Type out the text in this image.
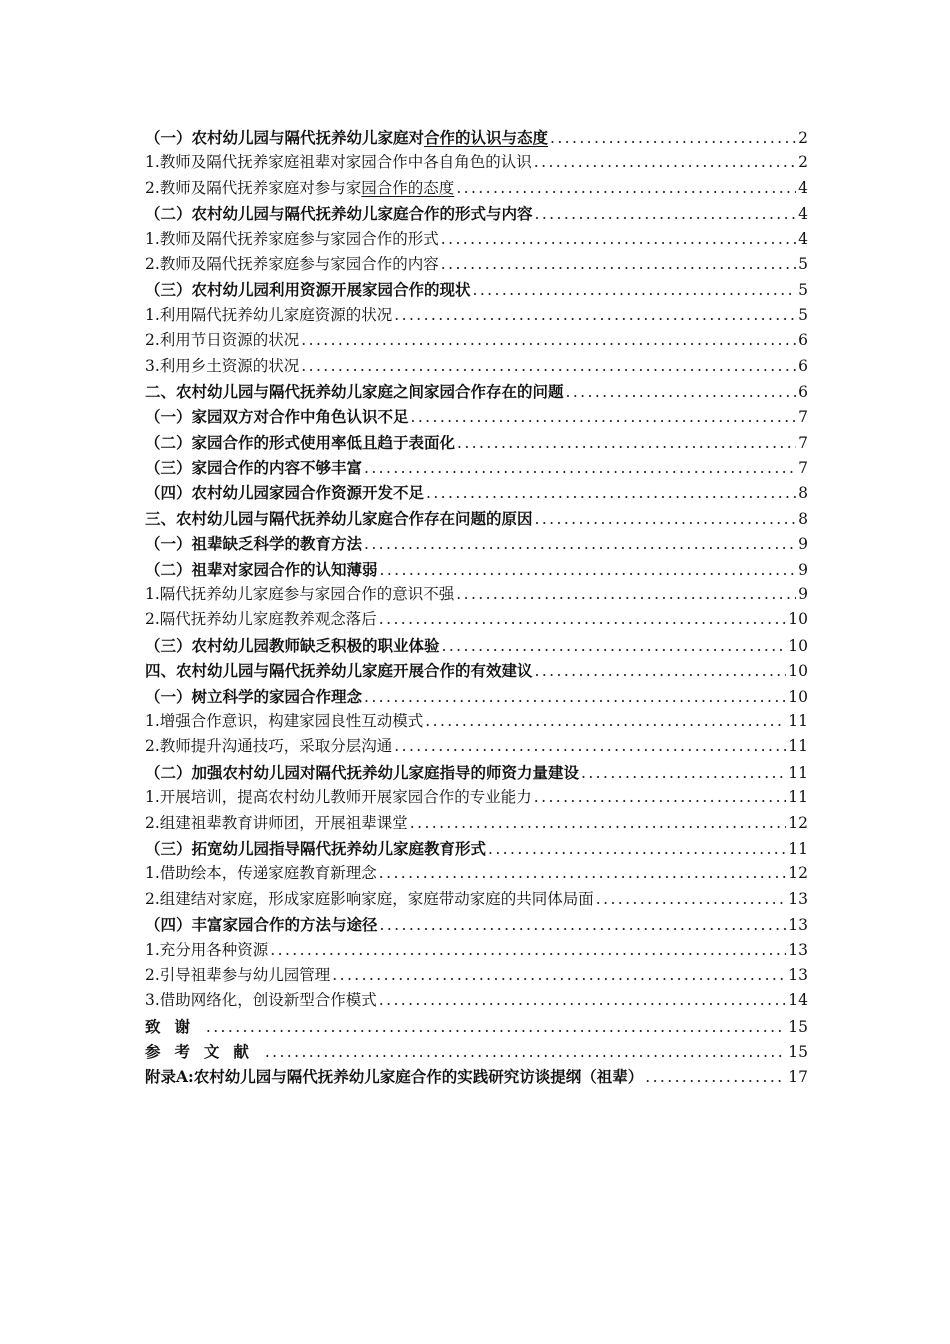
（一）农村幼儿园与隔代抚养幼儿家庭对合作的认识与态度 .....	2
1.教师及隔代抚养家庭祖辈对家园合作中各自角色的认识 .....	2
2.教师及隔代抚养家庭对参与家园合作的态度 .....	4
（二）农村幼儿园与隔代抚养幼儿家庭合作的形式与内容 .....	4
1.教师及隔代抚养家庭参与家园合作的形式 .....	4
2.教师及隔代抚养家庭参与家园合作的内容 .....	5
（三）农村幼儿园利用资源开展家园合作的现状 .....	5
1.利用隔代抚养幼儿家庭资源的状况 .....	5
2.利用节日资源的状况 .....	6
3.利用乡土资源的状况 .....	6
二、农村幼儿园与隔代抚养幼儿家庭之间家园合作存在的问题 .....	6
（一）家园双方对合作中角色认识不足 .....	7
（二）家园合作的形式使用率低且趋于表面化 .....	7
（三）家园合作的内容不够丰富 .....	7
（四）农村幼儿园家园合作资源开发不足 .....	8
三、农村幼儿园与隔代抚养幼儿家庭合作存在问题的原因 .....	8
（一）祖辈缺乏科学的教育方法 .....	9
（二）祖辈对家园合作的认知薄弱 .....	9
1.隔代抚养幼儿家庭参与家园合作的意识不强 .....	9
2.隔代抚养幼儿家庭教养观念落后 .....	10
（三）农村幼儿园教师缺乏积极的职业体验 .....	10
四、农村幼儿园与隔代抚养幼儿家庭开展合作的有效建议 .....	10
（一）树立科学的家园合作理念 .....	10
1.增强合作意识，构建家园良性互动模式 .....	11
2.教师提升沟通技巧，采取分层沟通 .....	11
（二）加强农村幼儿园对隔代抚养幼儿家庭指导的师资力量建设 .....	11
1.开展培训，提高农村幼儿教师开展家园合作的专业能力 .....	11
2.组建祖辈教育讲师团，开展祖辈课堂 .....	12
（三）拓宽幼儿园指导隔代抚养幼儿家庭教育形式 .....	11
1.借助绘本，传递家庭教育新理念 .....	12
2.组建结对家庭，形成家庭影响家庭，家庭带动家庭的共同体局面 .....	13
（四）丰富家园合作的方法与途径 .....	13
1.充分用各种资源 .....	13
2.引导祖辈参与幼儿园管理 .....	13
3.借助网络化，创设新型合作模式 .....	14
致谢 .....	15
参考文献 .....	15
附录A:农村幼儿园与隔代抚养幼儿家庭合作的实践研究访谈提纲（祖辈） .....	17
